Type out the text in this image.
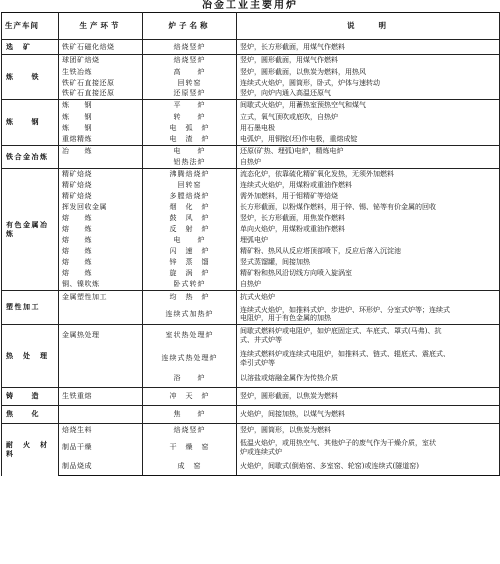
冶金工业主要用炉
生产车间	生产环节	炉子名称	说　　明
选　矿	铁矿石磁化焙烧	焙烧竖炉	竖炉，长方形截面，用煤气作燃料

炼　　铁	球团矿焙烧	焙烧竖炉	竖炉，圆形截面，用煤气作燃料

	生铁冶炼	高　　炉	竖炉，圆形截面，以焦炭为燃料，用热风

	铁矿石直接还原	回转窑	连续式火焰炉，圆筒形，卧式，炉体与速转动

	铁矿石直接还原	还原竖炉	竖炉，向炉内通入高温还原气

炼　　钢	炼　　钢	平　　炉	间歇式火焰炉，用蓄热室预热空气和煤气

	炼　　钢	转　　炉	立式，氧气顶吹或底吹，自热炉

	炼　　钢	电　弧　炉	用石墨电极

	重熔精炼	电　渣　炉	电弧炉，用铜锭(坯)作电极，重熔成锭

铁合金冶炼	冶　　炼	电　　炉	还原(矿热、埋弧)电炉，精炼电炉

		铝热法炉	自热炉

有色金属冶炼	精矿焙烧	沸腾焙烧炉	流态化炉，依靠硫化精矿氧化发热，无须外加燃料

	精矿焙烧	回转窑	连续式火焰炉，用煤粉或重油作燃料

	精矿焙烧	多膛焙烧炉	需外加燃料，用于钼精矿等焙烧

	挥发回收金属	烟　化　炉	长方形截面，以粉煤作燃料，用于锌、锡、铋等有价金属的回收

	熔　　炼	鼓　风　炉	竖炉，长方形截面，用焦炭作燃料

	熔　　炼	反　射　炉	单向火焰炉，用煤粉或重油作燃料

	熔　　炼	电　　炉	埋弧电炉

	熔　　炼	闪　速　炉	精矿粉、热风从反应塔顶部喷下，反应后落入沉淀池

	熔　　炼	锌　蒸　馏	竖式蒸馏罐，间接加热

	熔　　炼	旋　涡　炉	精矿粉和热风沿切线方向喷入旋涡室

	铜、镍吹炼	卧式转炉	自热炉

塑性加工	金属塑性加工	均　热　炉	抗式火焰炉

		连续式加热炉	连续式火焰炉，如推料式炉、步进炉、环形炉、分室式炉等；连续式
电阻炉，用于有色金属的加热

热　处　理	金属热处理	室状热处理炉	间歇式燃料炉或电阻炉，如炉底固定式、车底式、罩式(马弗)、抗
式、井式炉等

		连续式热处理炉	连续式燃料炉或连续式电阻炉，如推料式、链式、辊底式、震底式、
牵引式炉等

		浴　　炉	以溶盐或熔融金属作为传热介质

铸　　造	生铁重熔	冲　天　炉	竖炉，圆形截面，以焦炭为燃料

焦　　化		焦　　炉	火焰炉，间接加热，以煤气为燃料

耐　火　材　料	焙烧生料	焙烧竖炉	竖炉，圆筒形，以焦炭为燃料

	制品干燥	干　燥　窑	低温火焰炉，或用热空气、其他炉子的废气作为干燥介质，室状
炉或连续式炉

	制品烧成	成　窑	火焰炉，间歇式(倒焰窑、多室窑、轮窑)或连续式(隧道窑)
